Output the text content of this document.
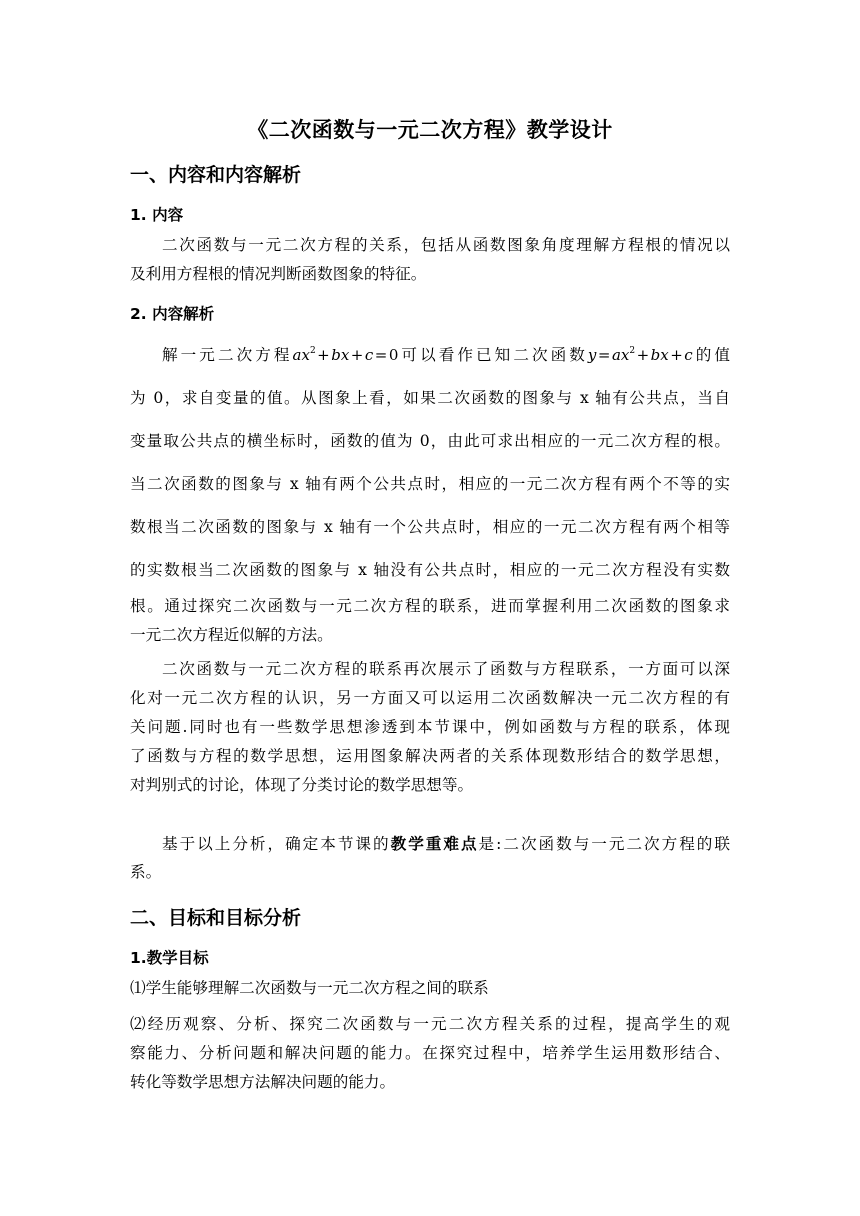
《二次函数与一元二次方程》教学设计
一、内容和内容解析
1. 内容
二次函数与一元二次方程的关系，包括从函数图象角度理解方程根的情况以
及利用方程根的情况判断函数图象的特征。
2. 内容解析
解一元二次方程$ax^2$ + bx + c = 0可以看作已知二次函数y = $ax^2$ + bx + c的值
为 0，求自变量的值。从图象上看，如果二次函数的图象与 x 轴有公共点，当自
变量取公共点的横坐标时，函数的值为 0，由此可求出相应的一元二次方程的根。
当二次函数的图象与 x 轴有两个公共点时，相应的一元二次方程有两个不等的实
数根当二次函数的图象与 x 轴有一个公共点时，相应的一元二次方程有两个相等
的实数根当二次函数的图象与 x 轴没有公共点时，相应的一元二次方程没有实数
根。通过探究二次函数与一元二次方程的联系，进而掌握利用二次函数的图象求
一元二次方程近似解的方法。
二次函数与一元二次方程的联系再次展示了函数与方程联系，一方面可以深
化对一元二次方程的认识，另一方面又可以运用二次函数解决一元二次方程的有
关问题.同时也有一些数学思想渗透到本节课中，例如函数与方程的联系，体现
了函数与方程的数学思想，运用图象解决两者的关系体现数形结合的数学思想，
对判别式的讨论，体现了分类讨论的数学思想等。
基于以上分析，确定本节课的教学重难点是:二次函数与一元二次方程的联
系。
二、目标和目标分析
1.教学目标
⑴学生能够理解二次函数与一元二次方程之间的联系
⑵经历观察、分析、探究二次函数与一元二次方程关系的过程，提高学生的观
察能力、分析问题和解决问题的能力。在探究过程中，培养学生运用数形结合、
转化等数学思想方法解决问题的能力。
